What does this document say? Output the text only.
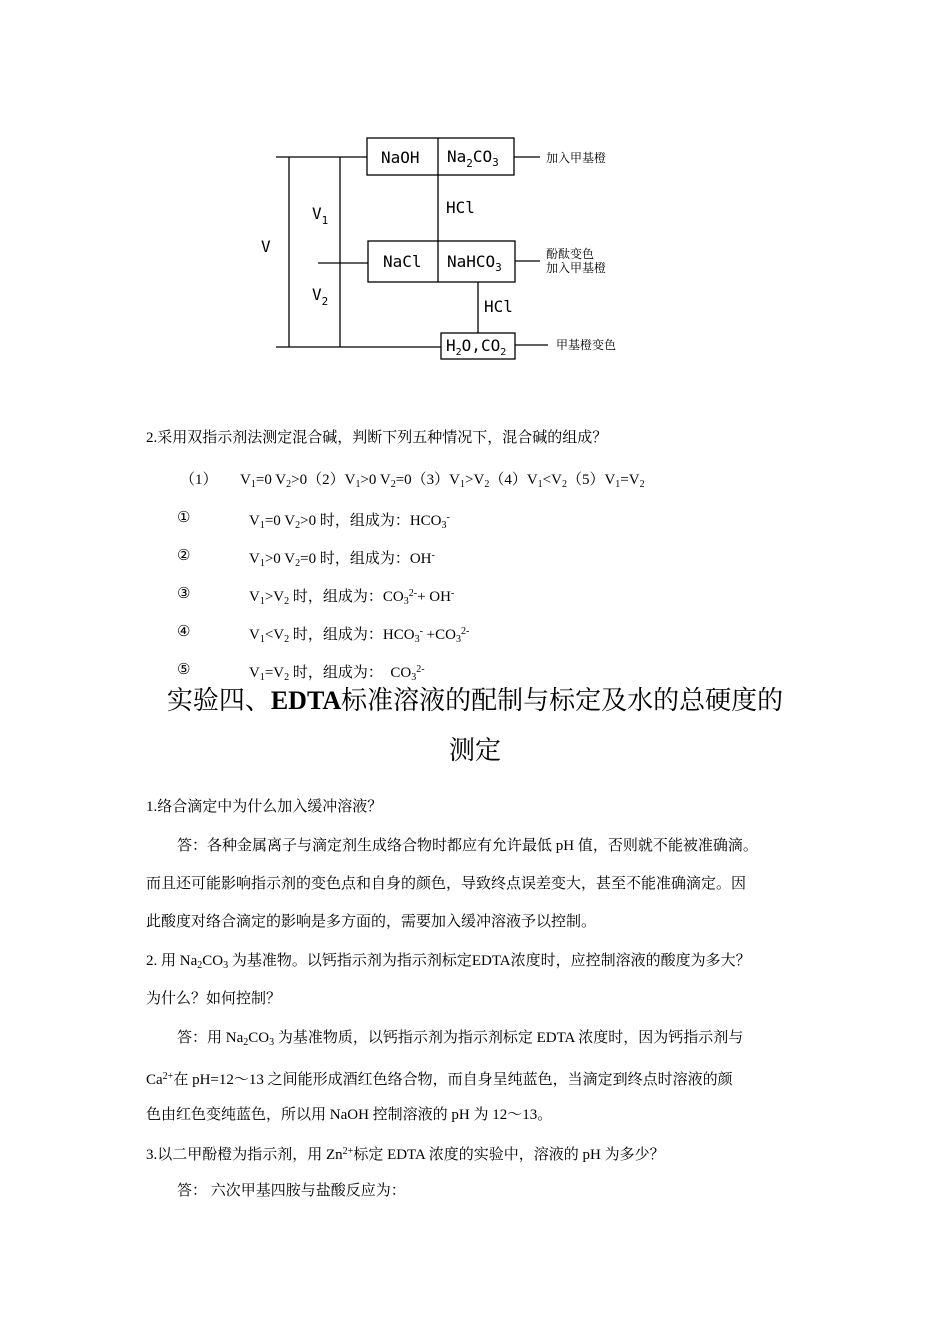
V
$V_1$
$V_2$
NaOH $Na_2CO_3$
HCl
NaCl NaHCO$_3$
HCl
$H_2O,CO_2$
加入甲基橙
酚酞变色
加入甲基橙
甲基橙变色
2.采用双指示剂法测定混合碱，判断下列五种情况下，混合碱的组成？
（1）      $V_1=0$ $V_2>0(2)V_1>0$ $V_2=0(3)V_1>V_2(4)V_1<V_2(5)V_1=V_2$
①	$V_1=0$ $V_2>0$ 时，组成为：$HCO_3^-$
②	$V_1>0$ $V_2=0$ 时，组成为：OH-
③	$V_1>V_2$ 时，组成为：$CO_3^{2-}+ OH^-$
④	$V_1<V_2$ 时，组成为：$HCO_3^- +CO_3^{2-}$
⑤	$V_1=V_2$ 时，组成为：  $CO_3^{2-}$
实验四、EDTA标准溶液的配制与标定及水的总硬度的
测定
1.络合滴定中为什么加入缓冲溶液？
答：各种金属离子与滴定剂生成络合物时都应有允许最低 pH 值，否则就不能被准确滴。
而且还可能影响指示剂的变色点和自身的颜色，导致终点误差变大，甚至不能准确滴定。因
此酸度对络合滴定的影响是多方面的，需要加入缓冲溶液予以控制。
2. 用 $Na_2CO_3$ 为基准物。以钙指示剂为指示剂标定EDTA浓度时，应控制溶液的酸度为多大？
为什么？如何控制？
答：用 $Na_2CO_3$ 为基准物质，以钙指示剂为指示剂标定 EDTA 浓度时，因为钙指示剂与
$Ca^{2+}$在 pH=12～13 之间能形成酒红色络合物，而自身呈纯蓝色，当滴定到终点时溶液的颜
色由红色变纯蓝色，所以用 NaOH 控制溶液的 pH 为 12～13。
3.以二甲酚橙为指示剂，用 $Zn^{2+}$标定 EDTA 浓度的实验中，溶液的 pH 为多少？
答： 六次甲基四胺与盐酸反应为：
